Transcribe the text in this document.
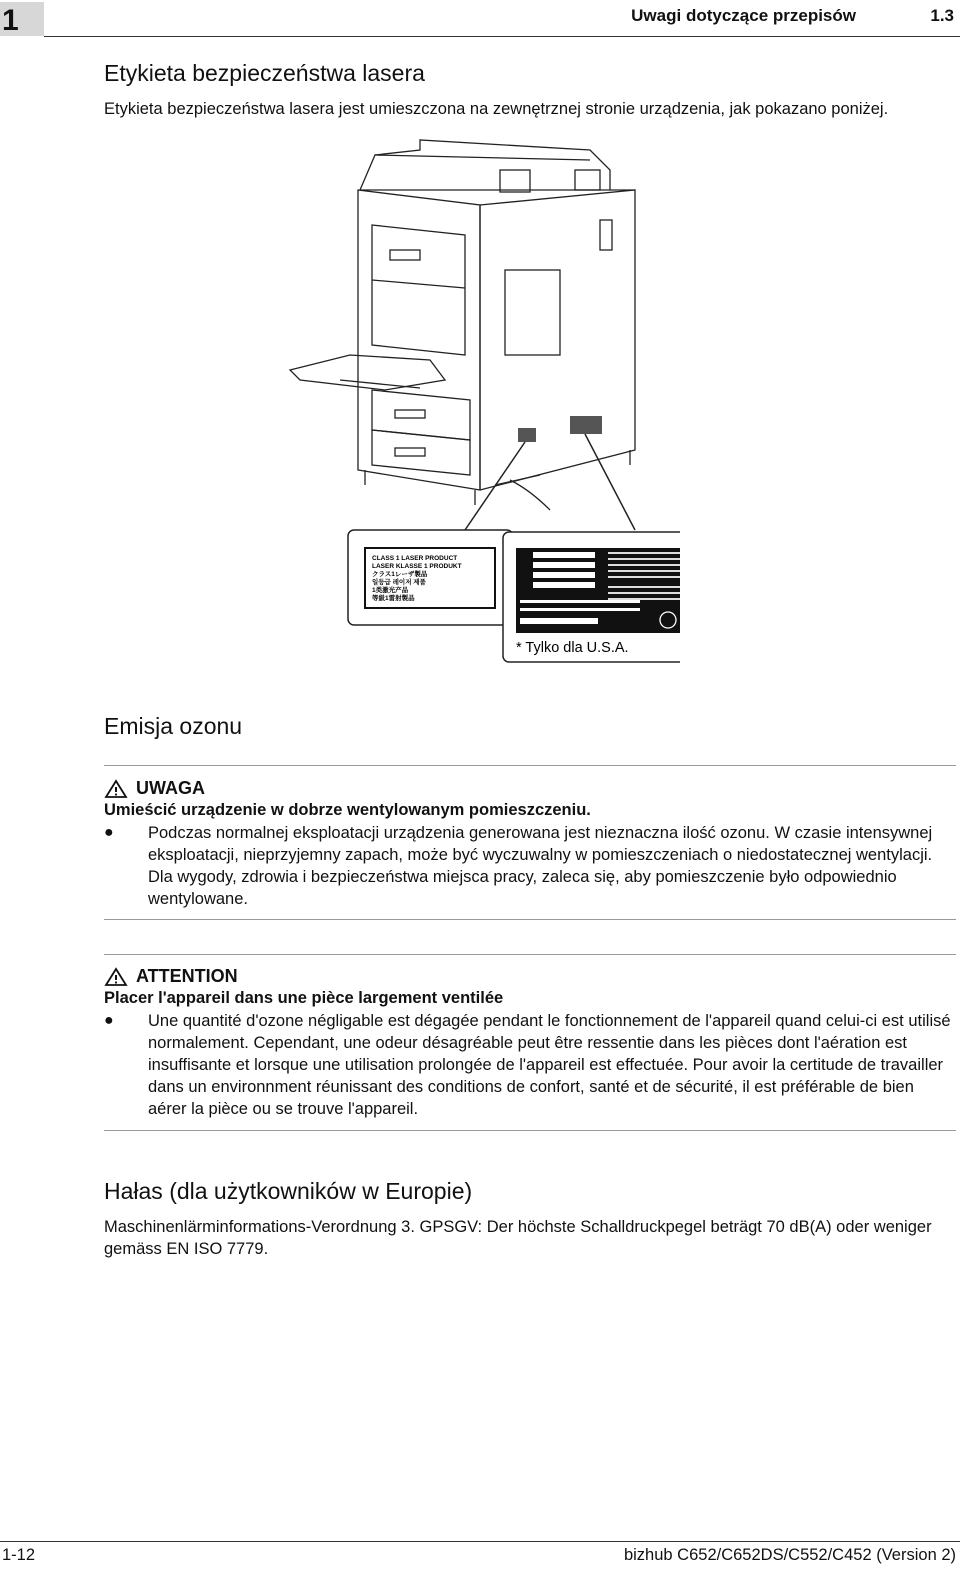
1	Uwagi dotyczące przepisów	1.3
Etykieta bezpieczeństwa lasera

Etykieta bezpieczeństwa lasera jest umieszczona na zewnętrznej stronie urządzenia, jak pokazano poniżej.

CLASS 1 LASER PRODUCT
LASER KLASSE 1 PRODUKT
クラス1レーザ製品
일등급 레이저 제품
1类激光产品
等級1雷射製品
* Tylko dla U.S.A.
Emisja ozonu
UWAGA
Umieścić urządzenie w dobrze wentylowanym pomieszczeniu.
●	Podczas normalnej eksploatacji urządzenia generowana jest nieznaczna ilość ozonu. W czasie intensywnej eksploatacji, nieprzyjemny zapach, może być wyczuwalny w pomieszczeniach o niedostatecznej wentylacji. Dla wygody, zdrowia i bezpieczeństwa miejsca pracy, zaleca się, aby pomieszczenie było odpowiednio wentylowane.
ATTENTION
Placer l'appareil dans une pièce largement ventilée
●	Une quantité d'ozone négligable est dégagée pendant le fonctionnement de l'appareil quand celui-ci est utilisé normalement. Cependant, une odeur désagréable peut être ressentie dans les pièces dont l'aération est insuffisante et lorsque une utilisation prolongée de l'appareil est effectuée. Pour avoir la certitude de travailler dans un environnment réunissant des conditions de confort, santé et de sécurité, il est préférable de bien aérer la pièce ou se trouve l'appareil.
Hałas (dla użytkowników w Europie)

Maschinenlärminformations-Verordnung 3. GPSGV: Der höchste Schalldruckpegel beträgt 70 dB(A) oder weniger gemäss EN ISO 7779.

1-12	bizhub C652/C652DS/C552/C452 (Version 2)
